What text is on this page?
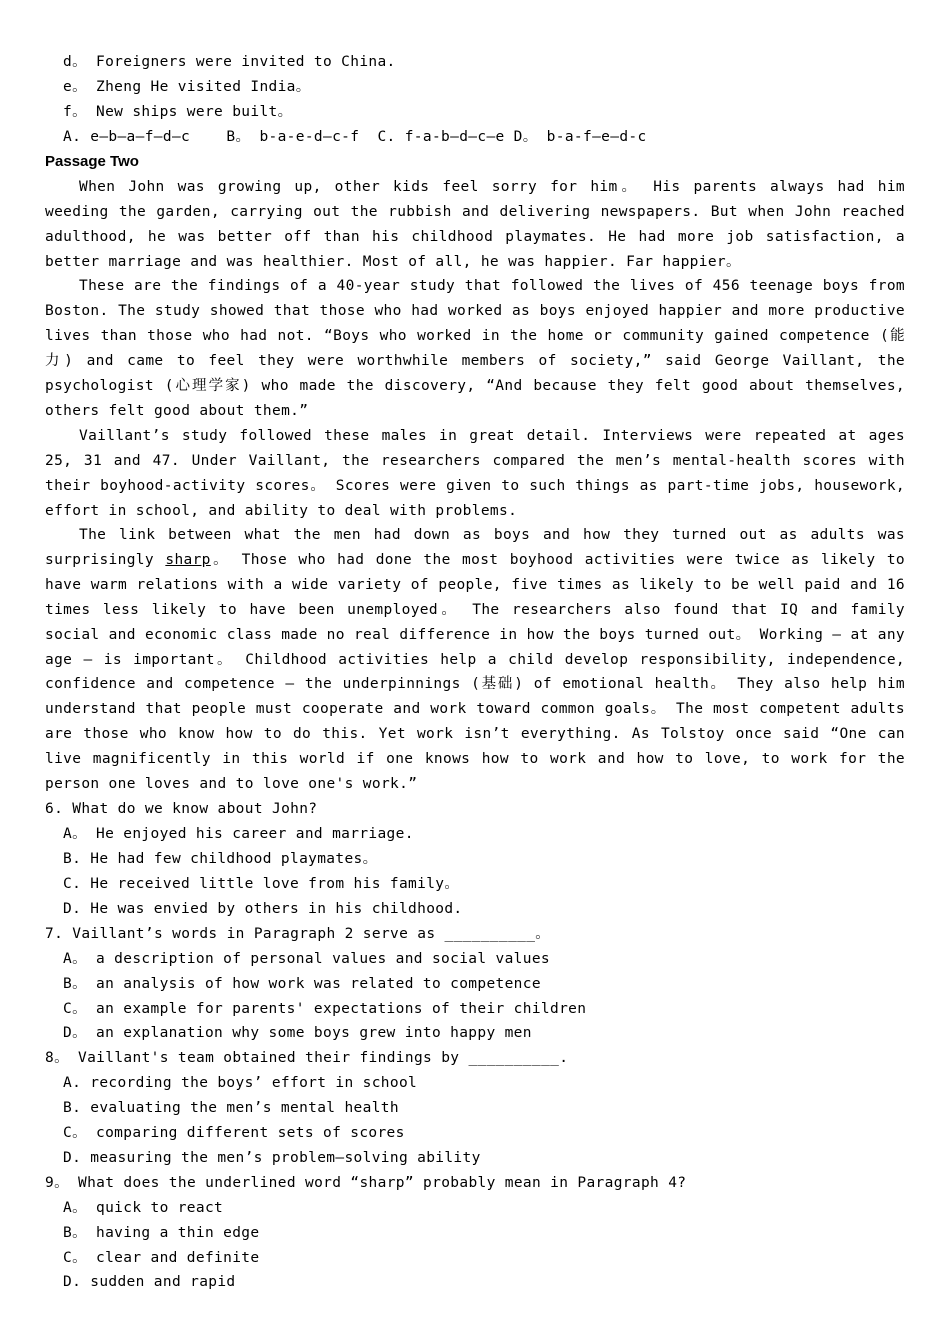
d。 Foreigners were invited to China.
e。 Zheng He visited India。
f。 New ships were built。
A. e—b—a—f—d—c    B。 b-a-e-d—c-f  C. f-a-b—d—c—e D。 b-a-f—e—d-c
Passage Two
When John was growing up, other kids feel sorry for him。 His parents always had him weeding the garden, carrying out the rubbish and delivering newspapers. But when John reached adulthood, he was better off than his childhood playmates. He had more job satisfaction, a better marriage and was healthier. Most of all, he was happier. Far happier。
These are the findings of a 40-year study that followed the lives of 456 teenage boys from Boston. The study showed that those who had worked as boys enjoyed happier and more productive lives than those who had not. “Boys who worked in the home or community gained competence (能力) and came to feel they were worthwhile members of society,” said George Vaillant, the psychologist (心理学家) who made the discovery, “And because they felt good about themselves, others felt good about them.”
Vaillant’s study followed these males in great detail. Interviews were repeated at ages 25, 31 and 47. Under Vaillant, the researchers compared the men’s mental-health scores with their boyhood-activity scores。 Scores were given to such things as part-time jobs, housework, effort in school, and ability to deal with problems.
The link between what the men had down as boys and how they turned out as adults was surprisingly sharp。 Those who had done the most boyhood activities were twice as likely to have warm relations with a wide variety of people, five times as likely to be well paid and 16 times less likely to have been unemployed。 The researchers also found that IQ and family social and economic class made no real difference in how the boys turned out。 Working – at any age – is important。 Childhood activities help a child develop responsibility, independence, confidence and competence – the underpinnings (基础) of emotional health。 They also help him understand that people must cooperate and work toward common goals。 The most competent adults are those who know how to do this. Yet work isn’t everything. As Tolstoy once said “One can live magnificently in this world if one knows how to work and how to love, to work for the person one loves and to love one's work.”
6. What do we know about John?
A。 He enjoyed his career and marriage.
B. He had few childhood playmates。
C. He received little love from his family。
D. He was envied by others in his childhood.
7. Vaillant’s words in Paragraph 2 serve as __________。
A。 a description of personal values and social values
B。 an analysis of how work was related to competence
C。 an example for parents' expectations of their children
D。 an explanation why some boys grew into happy men
8。 Vaillant's team obtained their findings by __________.
A. recording the boys’ effort in school
B. evaluating the men’s mental health
C。 comparing different sets of scores
D. measuring the men’s problem—solving ability
9。 What does the underlined word “sharp” probably mean in Paragraph 4?
A。 quick to react
B。 having a thin edge
C。 clear and definite
D. sudden and rapid
